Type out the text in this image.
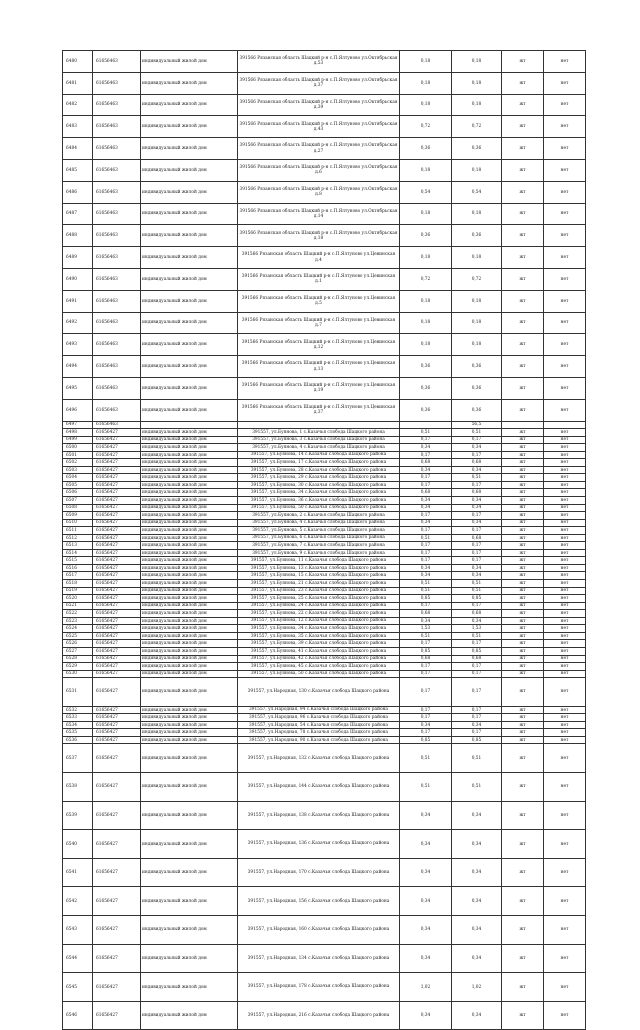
6480	61656463	индивидуальный жилой дом	391566 Рязанская область Шацкий р-н с.П.Ялтуново ул.Октябрьская д.53	0,18	0,18	жт	нет
6481	61656463	индивидуальный жилой дом	391566 Рязанская область Шацкий р-н с.П.Ялтуново ул.Октябрьская д.37	0,18	0,18	жт	нет
6482	61656463	индивидуальный жилой дом	391566 Рязанская область Шацкий р-н с.П.Ялтуново ул.Октябрьская д.39	0,18	0,18	жт	нет
6483	61656463	индивидуальный жилой дом	391566 Рязанская область Шацкий р-н с.П.Ялтуново ул.Октябрьская д.43	0,72	0,72	жт	нет
6484	61656463	индивидуальный жилой дом	391566 Рязанская область Шацкий р-н с.П.Ялтуново ул.Октябрьская д.27	0,36	0,36	жт	нет
6485	61656463	индивидуальный жилой дом	391566 Рязанская область Шацкий р-н с.П.Ялтуново ул.Октябрьская д.6	0,18	0,18	жт	нет
6486	61656463	индивидуальный жилой дом	391566 Рязанская область Шацкий р-н с.П.Ялтуново ул.Октябрьская д.8	0,54	0,54	жт	нет
6487	61656463	индивидуальный жилой дом	391566 Рязанская область Шацкий р-н с.П.Ялтуново ул.Октябрьская д.14	0,18	0,18	жт	нет
6488	61656463	индивидуальный жилой дом	391566 Рязанская область Шацкий р-н с.П.Ялтуново ул.Октябрьская д.18	0,36	0,36	жт	нет
6489	61656463	индивидуальный жилой дом	391566 Рязанская область Шацкий р-н с.П.Ялтуново ул.Цевинская д.4	0,18	0,18	жт	нет
6490	61656463	индивидуальный жилой дом	391566 Рязанская область Шацкий р-н с.П.Ялтуново ул.Цевинская д.1	0,72	0,72	жт	нет
6491	61656463	индивидуальный жилой дом	391566 Рязанская область Шацкий р-н с.П.Ялтуново ул.Цевинская д.5	0,18	0,18	жт	нет
6492	61656463	индивидуальный жилой дом	391566 Рязанская область Шацкий р-н с.П.Ялтуново ул.Цевинская д.7	0,18	0,18	жт	нет
6493	61656463	индивидуальный жилой дом	391566 Рязанская область Шацкий р-н с.П.Ялтуново ул.Цевинская д.12	0,18	0,18	жт	нет
6494	61656463	индивидуальный жилой дом	391566 Рязанская область Шацкий р-н с.П.Ялтуново ул.Цевинская д.13	0,36	0,36	жт	нет
6495	61656463	индивидуальный жилой дом	391566 Рязанская область Шацкий р-н с.П.Ялтуново ул.Цевинская д.19	0,36	0,36	жт	нет
6496	61656463	индивидуальный жилой дом	391566 Рязанская область Шацкий р-н с.П.Ялтуново ул.Цевинская д.37	0,36	0,36	жт	нет
6497	61656463				56,5		
6498	61656427	индивидуальный жилой дом	391557, ул.Буянова, 1 с.Казачья слобода Шацкого района	0,51	0,51	жт	нет
6499	61656427	индивидуальный жилой дом	391557, ул.Буянова, 3 с.Казачья слобода Шацкого района	0,17	0,17	жт	нет
6500	61656427	индивидуальный жилой дом	391557, ул.Буянова, 4 с.Казачья слобода Шацкого района	0,34	0,34	жт	нет
6501	61656427	индивидуальный жилой дом	391557, ул.Буянова, 14 с.Казачья слобода Шацкого района	0,17	0,17	жт	нет
6502	61656427	индивидуальный жилой дом	391557, ул.Буянова, 17 с.Казачья слобода Шацкого района	0,68	0,68	жт	нет
6503	61656427	индивидуальный жилой дом	391557, ул.Буянова, 28 с.Казачья слобода Шацкого района	0,34	0,34	жт	нет
6504	61656427	индивидуальный жилой дом	391557, ул.Буянова, 29 с.Казачья слобода Шацкого района	0,17	0,51	жт	нет
6505	61656427	индивидуальный жилой дом	391557, ул.Буянова, 30 с.Казачья слобода Шацкого района	0,17	0,17	жт	нет
6506	61656427	индивидуальный жилой дом	391557, ул.Буянова, 34 с.Казачья слобода Шацкого района	0,68	0,68	жт	нет
6507	61656427	индивидуальный жилой дом	391557, ул.Буянова, 36 с.Казачья слобода Шацкого района	0,34	0,34	жт	нет
6508	61656427	индивидуальный жилой дом	391557, ул.Буянова, 50 с.Казачья слобода Шацкого района	0,34	0,34	жт	нет
6509	61656427	индивидуальный жилой дом	391557, ул.Буянова, 2 с.Казачья слобода Шацкого района	0,17	0,17	жт	нет
6510	61656427	индивидуальный жилой дом	391557, ул.Буянова, 4 с.Казачья слобода Шацкого района	0,34	0,34	жт	нет
6511	61656427	индивидуальный жилой дом	391557, ул.Буянова, 5 с.Казачья слобода Шацкого района	0,17	0,17	жт	нет
6512	61656427	индивидуальный жилой дом	391557, ул.Буянова, 6 с.Казачья слобода Шацкого района	0,51	0,68	жт	нет
6513	61656427	индивидуальный жилой дом	391557, ул.Буянова, 7 с.Казачья слобода Шацкого района	0,17	0,17	жт	нет
6514	61656427	индивидуальный жилой дом	391557, ул.Буянова, 9 с.Казачья слобода Шацкого района	0,17	0,17	жт	нет
6515	61656427	индивидуальный жилой дом	391557, ул.Буянова, 11 с.Казачья слобода Шацкого района	0,17	0,17	жт	нет
6516	61656427	индивидуальный жилой дом	391557, ул.Буянова, 13 с.Казачья слобода Шацкого района	0,34	0,34	жт	нет
6517	61656427	индивидуальный жилой дом	391557, ул.Буянова, 15 с.Казачья слобода Шацкого района	0,34	0,34	жт	нет
6518	61656427	индивидуальный жилой дом	391557, ул.Буянова, 21 с.Казачья слобода Шацкого района	0,51	0,51	жт	нет
6519	61656427	индивидуальный жилой дом	391557, ул.Буянова, 23 с.Казачья слобода Шацкого района	0,51	0,51	жт	нет
6520	61656427	индивидуальный жилой дом	391557, ул.Буянова, 25 с.Казачья слобода Шацкого района	0,85	0,85	жт	нет
6521	61656427	индивидуальный жилой дом	391557, ул.Буянова, 24 с.Казачья слобода Шацкого района	0,17	0,17	жт	нет
6522	61656427	индивидуальный жилой дом	391557, ул.Буянова, 22 с.Казачья слобода Шацкого района	0,68	0,68	жт	нет
6523	61656427	индивидуальный жилой дом	391557, ул.Буянова, 12 с.Казачья слобода Шацкого района	0,34	0,34	жт	нет
6524	61656427	индивидуальный жилой дом	391557, ул.Буянова, 34 с.Казачья слобода Шацкого района	1,53	1,53	жт	нет
6525	61656427	индивидуальный жилой дом	391557, ул.Буянова, 35 с.Казачья слобода Шацкого района	0,51	0,51	жт	нет
6526	61656427	индивидуальный жилой дом	391557, ул.Буянова, 39 с.Казачья слобода Шацкого района	0,17	0,17	жт	нет
6527	61656427	индивидуальный жилой дом	391557, ул.Буянова, 41 с.Казачья слобода Шацкого района	0,85	0,85	жт	нет
6528	61656427	индивидуальный жилой дом	391557, ул.Буянова, 42 с.Казачья слобода Шацкого района	0,68	0,68	жт	нет
6529	61656427	индивидуальный жилой дом	391557, ул.Буянова, 45 с.Казачья слобода Шацкого района	0,17	0,17	жт	нет
6530	61656427	индивидуальный жилой дом	391557, ул.Буянова, 50 с.Казачья слобода Шацкого района	0,17	0,17	жт	нет
6531	61656427	индивидуальный жилой дом	391557, ул.Народная, 130 с.Казачья слобода Шацкого района	0,17	0,17	жт	нет
6532	61656427	индивидуальный жилой дом	391557, ул.Народная, 94 с.Казачья слобода Шацкого района	0,17	0,17	жт	нет
6533	61656427	индивидуальный жилой дом	391557, ул.Народная, 96 с.Казачья слобода Шацкого района	0,17	0,17	жт	нет
6534	61656427	индивидуальный жилой дом	391557, ул.Народная, 54 с.Казачья слобода Шацкого района	0,34	0,34	жт	нет
6535	61656427	индивидуальный жилой дом	391557, ул.Народная, 78 с.Казачья слобода Шацкого района	0,17	0,17	жт	нет
6536	61656427	индивидуальный жилой дом	391557, ул.Народная, 90 с.Казачья слобода Шацкого района	0,85	0,85	жт	нет
6537	61656427	индивидуальный жилой дом	391557, ул.Народная, 132 с.Казачья слобода Шацкого района	0,51	0,51	жт	нет
6538	61656427	индивидуальный жилой дом	391557, ул.Народная, 144 с.Казачья слобода Шацкого района	0,51	0,51	жт	нет
6539	61656427	индивидуальный жилой дом	391557, ул.Народная, 138 с.Казачья слобода Шацкого района	0,34	0,34	жт	нет
6540	61656427	индивидуальный жилой дом	391557, ул.Народная, 136 с.Казачья слобода Шацкого района	0,34	0,34	жт	нет
6541	61656427	индивидуальный жилой дом	391557, ул.Народная, 170 с.Казачья слобода Шацкого района	0,34	0,34	жт	нет
6542	61656427	индивидуальный жилой дом	391557, ул.Народная, 156 с.Казачья слобода Шацкого района	0,34	0,34	жт	нет
6543	61656427	индивидуальный жилой дом	391557, ул.Народная, 160 с.Казачья слобода Шацкого района	0,34	0,34	жт	нет
6544	61656427	индивидуальный жилой дом	391557, ул.Народная, 134 с.Казачья слобода Шацкого района	0,34	0,34	жт	нет
6545	61656427	индивидуальный жилой дом	391557, ул.Народная, 178 с.Казачья слобода Шацкого района	1,02	1,02	жт	нет
6546	61656427	индивидуальный жилой дом	391557, ул.Народная, 216 с.Казачья слобода Шацкого района	0,34	0,34	жт	нет
